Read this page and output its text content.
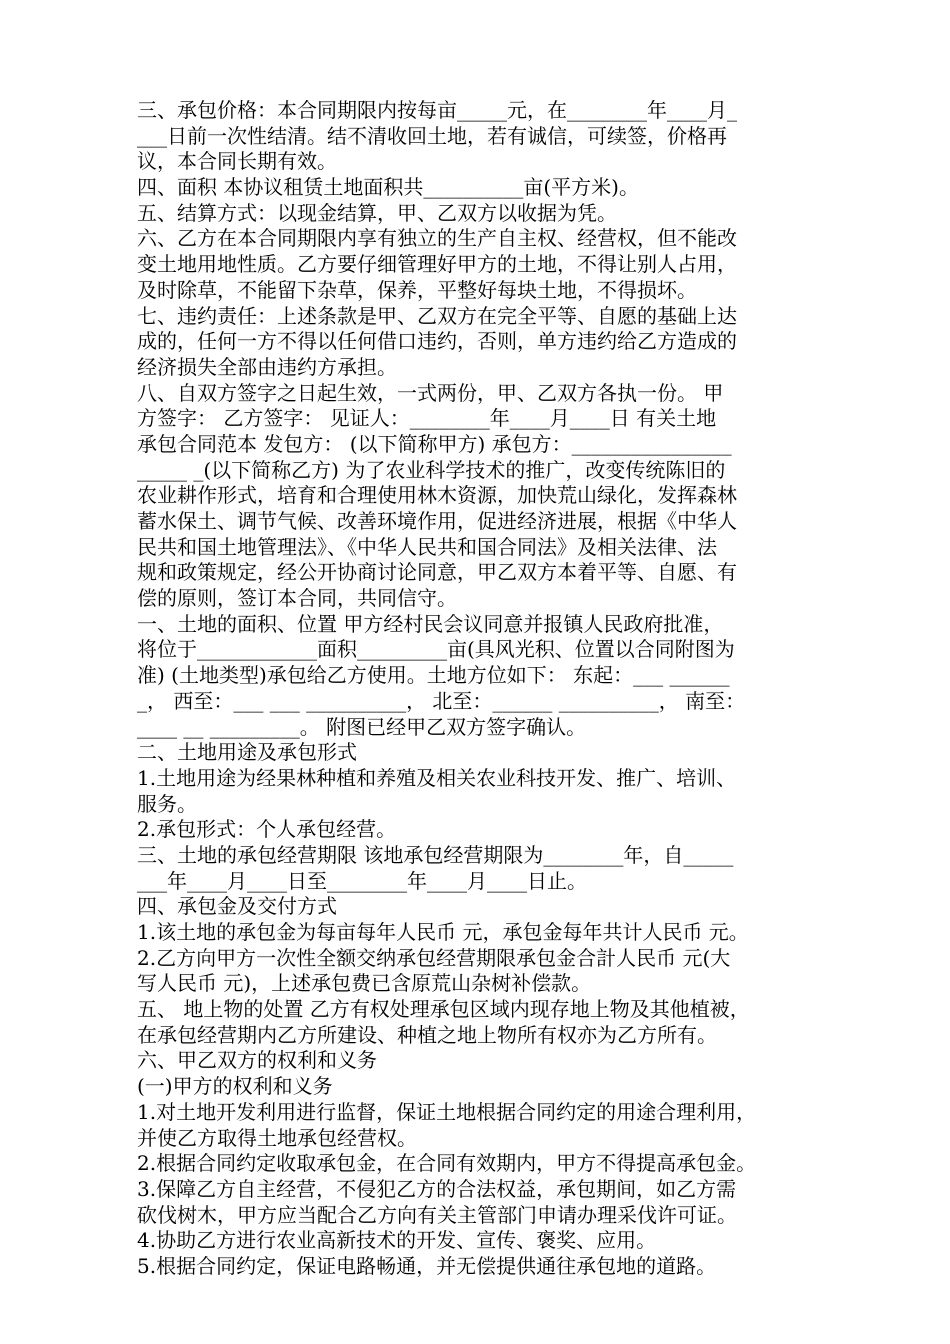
三、承包价格：本合同期限内按每亩_____元，在________年____月_
___日前一次性结清。结不清收回土地，若有诚信，可续签，价格再
议，本合同长期有效。
四、面积 本协议租赁土地面积共__________亩(平方米)。
五、结算方式：以现金结算，甲、乙双方以收据为凭。
六、乙方在本合同期限内享有独立的生产自主权、经营权，但不能改
变土地用地性质。乙方要仔细管理好甲方的土地，不得让别人占用，
及时除草，不能留下杂草，保养，平整好每块土地，不得损坏。
七、违约责任：上述条款是甲、乙双方在完全平等、自愿的基础上达
成的，任何一方不得以任何借口违约，否则，单方违约给乙方造成的
经济损失全部由违约方承担。
八、自双方签字之日起生效，一式两份，甲、乙双方各执一份。 甲
方签字： 乙方签字： 见证人：________年____月____日 有关土地
承包合同范本 发包方： (以下简称甲方) 承包方：________________
_____ _(以下简称乙方) 为了农业科学技术的推广，改变传统陈旧的
农业耕作形式，培育和合理使用林木资源，加快荒山绿化，发挥森林
蓄水保土、调节气候、改善环境作用，促进经济进展，根据《中华人
民共和国土地管理法》、《中华人民共和国合同法》及相关法律、法
规和政策规定，经公开协商讨论同意，甲乙双方本着平等、自愿、有
偿的原则，签订本合同，共同信守。
一、土地的面积、位置 甲方经村民会议同意并报镇人民政府批准，
将位于____________面积_________亩(具风光积、位置以合同附图为
准) (土地类型)承包给乙方使用。土地方位如下： 东起：___ ______
_， 西至：___ ___ __________， 北至：______ __________， 南至：
____ __ _________。 附图已经甲乙双方签字确认。
二、土地用途及承包形式
1.土地用途为经果林种植和养殖及相关农业科技开发、推广、培训、
服务。
2.承包形式：个人承包经营。
三、土地的承包经营期限 该地承包经营期限为________年，自_____
___年____月____日至________年____月____日止。
四、承包金及交付方式
1.该土地的承包金为每亩每年人民币 元，承包金每年共计人民币 元。
2.乙方向甲方一次性全额交纳承包经营期限承包金合計人民币 元(大
写人民币 元)，上述承包费已含原荒山杂树补偿款。
五、 地上物的处置 乙方有权处理承包区域内现存地上物及其他植被，
在承包经营期内乙方所建设、种植之地上物所有权亦为乙方所有。
六、甲乙双方的权利和义务
(一)甲方的权利和义务
1.对土地开发利用进行监督，保证土地根据合同约定的用途合理利用，
并使乙方取得土地承包经营权。
2.根据合同约定收取承包金，在合同有效期内，甲方不得提高承包金。
3.保障乙方自主经营，不侵犯乙方的合法权益，承包期间，如乙方需
砍伐树木，甲方应当配合乙方向有关主管部门申请办理采伐许可证。
4.协助乙方进行农业高新技术的开发、宣传、褒奖、应用。
5.根据合同约定，保证电路畅通，并无偿提供通往承包地的道路。
